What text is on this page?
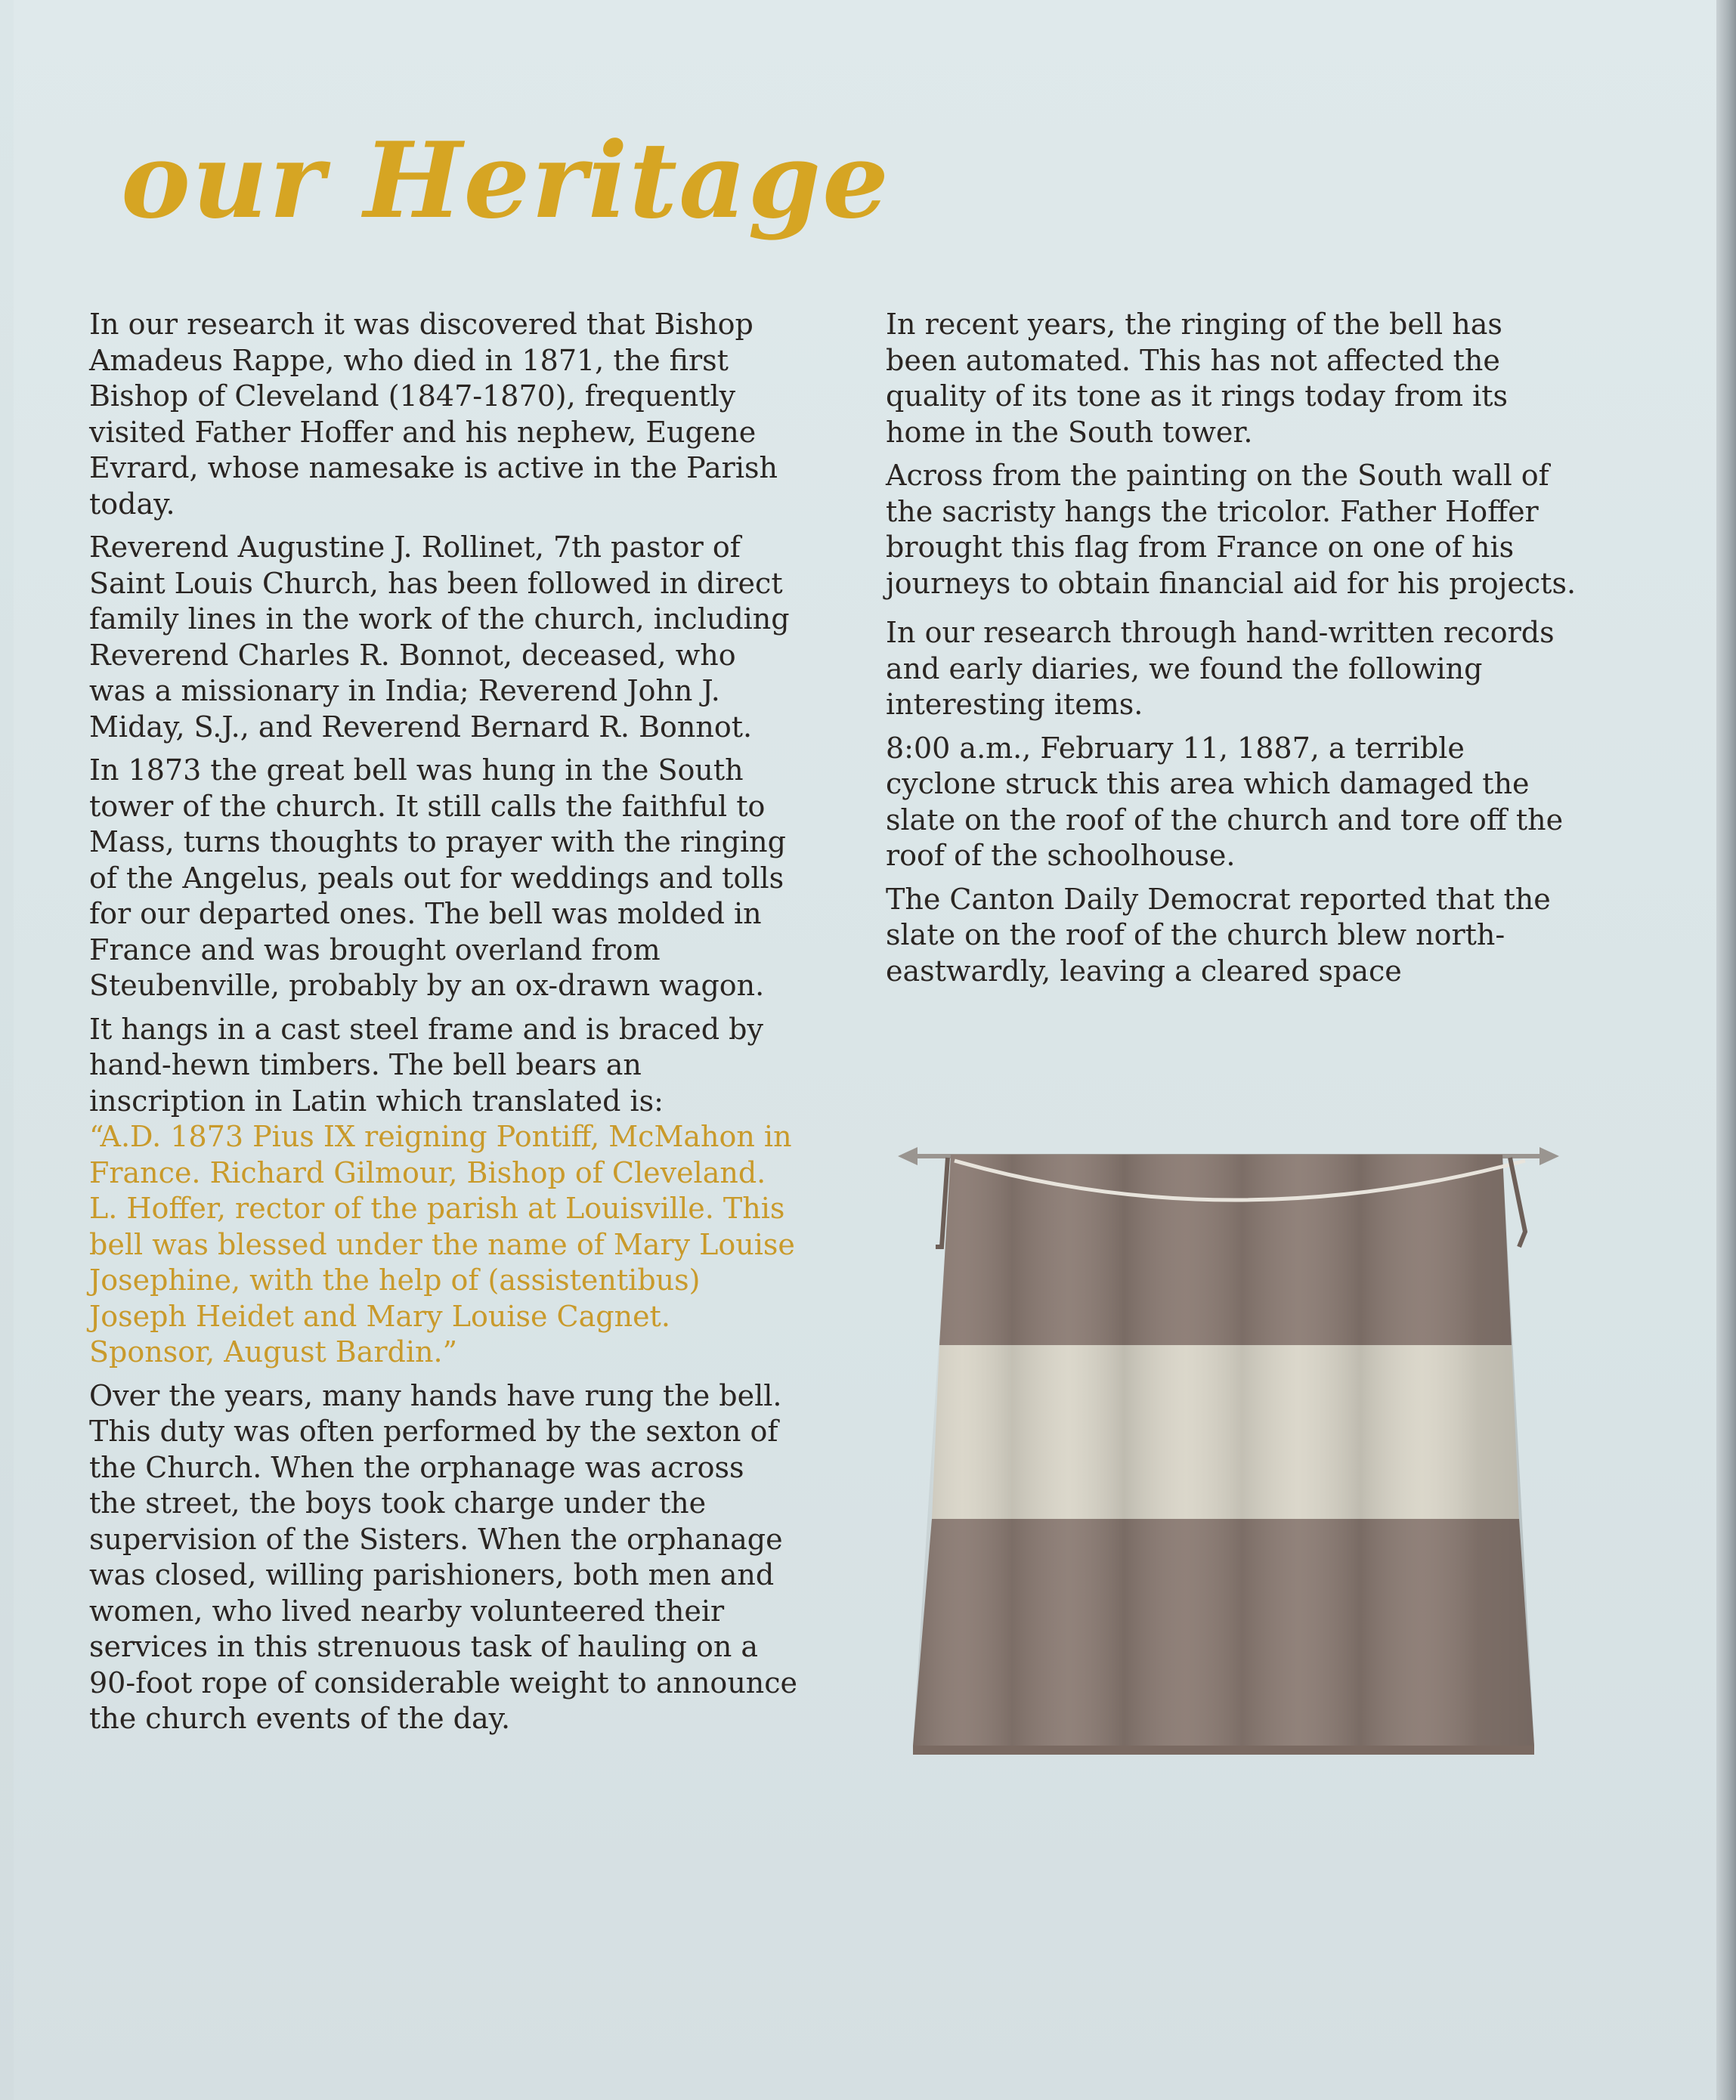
our Heritage

In our research it was discovered that Bishop Amadeus Rappe, who died in 1871, the first Bishop of Cleveland (1847-1870), frequently visited Father Hoffer and his nephew, Eugene Evrard, whose namesake is active in the Parish today.

Reverend Augustine J. Rollinet, 7th pastor of Saint Louis Church, has been followed in direct family lines in the work of the church, including Reverend Charles R. Bonnot, deceased, who was a missionary in India; Reverend John J. Miday, S.J., and Reverend Bernard R. Bonnot.

In 1873 the great bell was hung in the South tower of the church. It still calls the faithful to Mass, turns thoughts to prayer with the ringing of the Angelus, peals out for weddings and tolls for our departed ones. The bell was molded in France and was brought overland from Steubenville, probably by an ox-drawn wagon.

It hangs in a cast steel frame and is braced by hand-hewn timbers. The bell bears an inscription in Latin which translated is:

“A.D. 1873 Pius IX reigning Pontiff, McMahon in France. Richard Gilmour, Bishop of Cleveland. L. Hoffer, rector of the parish at Louisville. This bell was blessed under the name of Mary Louise Josephine, with the help of (assistentibus) Joseph Heidet and Mary Louise Cagnet. Sponsor, August Bardin.”

Over the years, many hands have rung the bell. This duty was often performed by the sexton of the Church. When the orphanage was across the street, the boys took charge under the supervision of the Sisters. When the orphanage was closed, willing parishioners, both men and women, who lived nearby volunteered their services in this strenuous task of hauling on a 90-foot rope of considerable weight to announce the church events of the day.

In recent years, the ringing of the bell has been automated. This has not affected the quality of its tone as it rings today from its home in the South tower.

Across from the painting on the South wall of the sacristy hangs the tricolor. Father Hoffer brought this flag from France on one of his journeys to obtain financial aid for his projects.

In our research through hand-written records and early diaries, we found the following interesting items.

8:00 a.m., February 11, 1887, a terrible cyclone struck this area which damaged the slate on the roof of the church and tore off the roof of the schoolhouse.

The Canton Daily Democrat reported that the slate on the roof of the church blew north-eastwardly, leaving a cleared space
